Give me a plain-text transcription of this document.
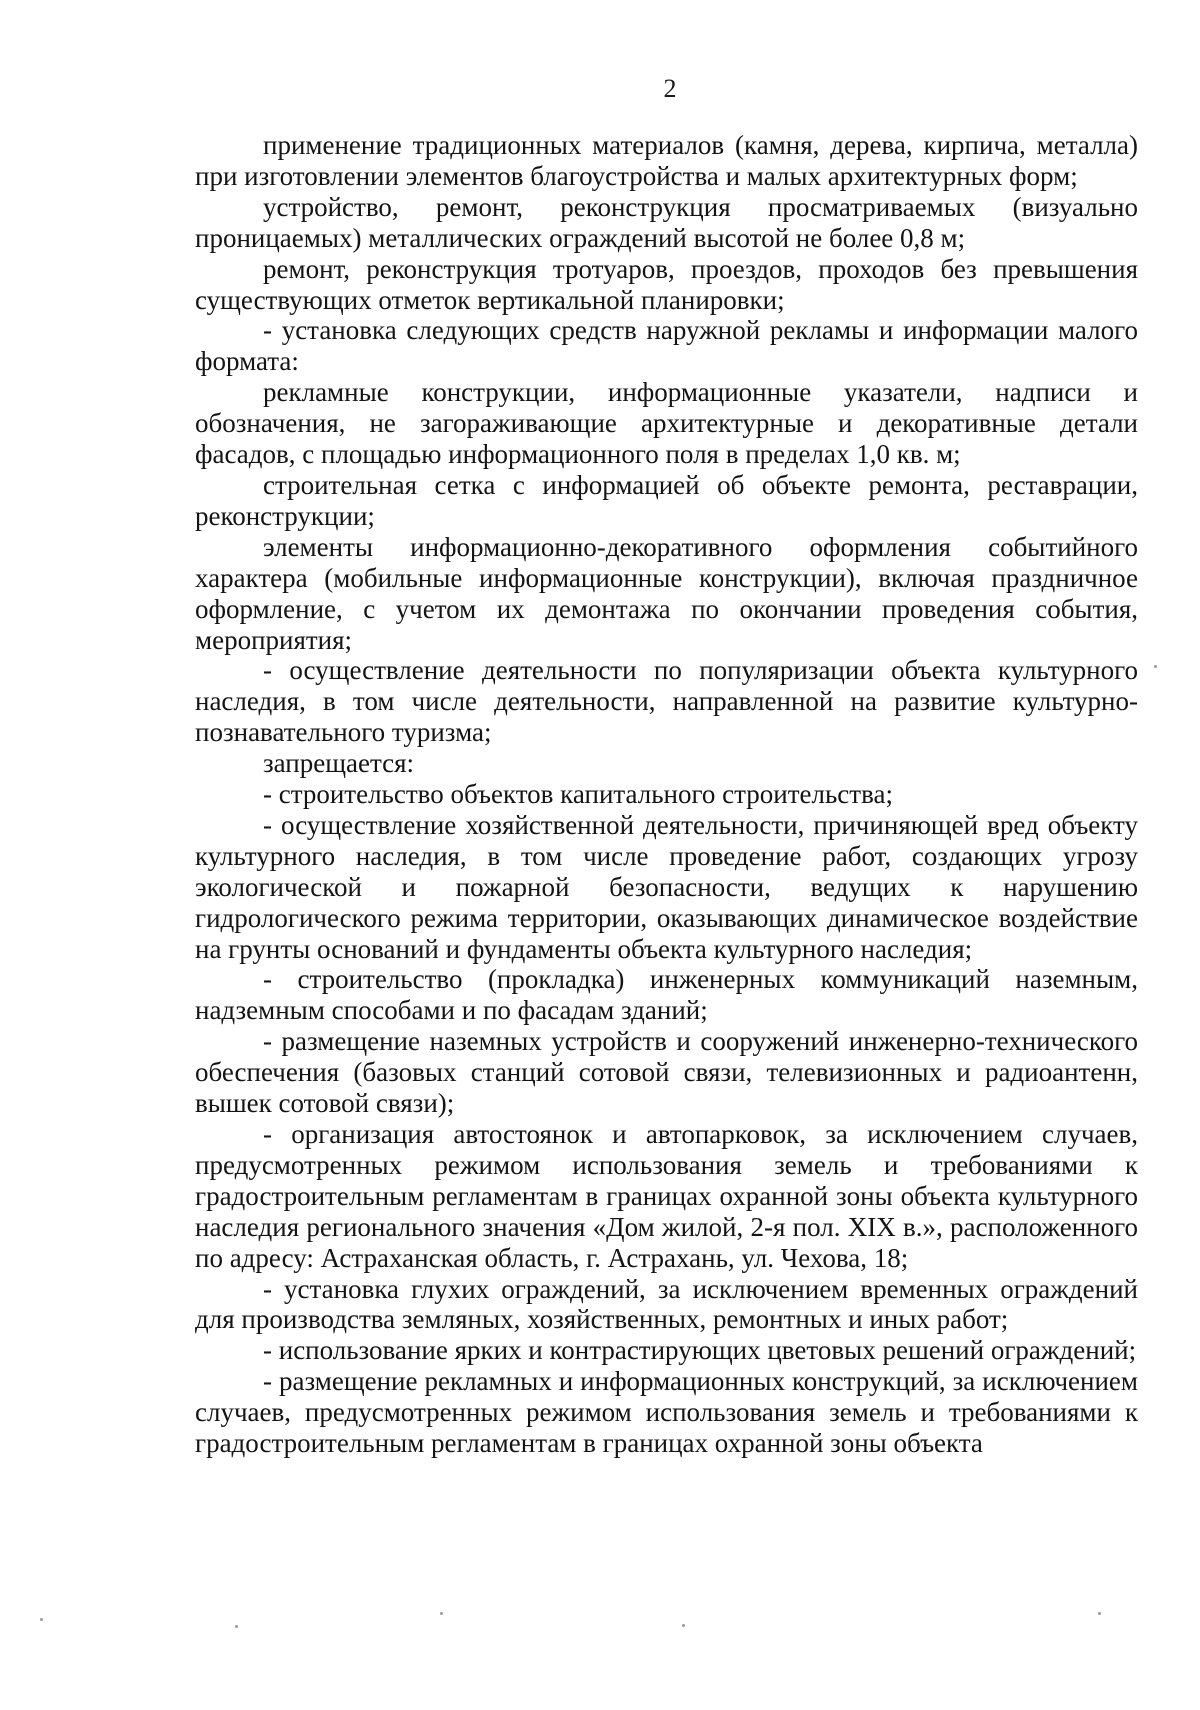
2

применение традиционных материалов (камня, дерева, кирпича, металла) при изготовлении элементов благоустройства и малых архитектурных форм;

устройство, ремонт, реконструкция просматриваемых (визуально проницаемых) металлических ограждений высотой не более 0,8 м;

ремонт, реконструкция тротуаров, проездов, проходов без превышения существующих отметок вертикальной планировки;

- установка следующих средств наружной рекламы и информации малого формата:

рекламные конструкции, информационные указатели, надписи и обозначения, не загораживающие архитектурные и декоративные детали фасадов, с площадью информационного поля в пределах 1,0 кв. м;

строительная сетка с информацией об объекте ремонта, реставрации, реконструкции;

элементы информационно-декоративного оформления событийного характера (мобильные информационные конструкции), включая праздничное оформление, с учетом их демонтажа по окончании проведения события, мероприятия;

- осуществление деятельности по популяризации объекта культурного наследия, в том числе деятельности, направленной на развитие культурно-познавательного туризма;

запрещается:

- строительство объектов капитального строительства;

- осуществление хозяйственной деятельности, причиняющей вред объекту культурного наследия, в том числе проведение работ, создающих угрозу экологической и пожарной безопасности, ведущих к нарушению гидрологического режима территории, оказывающих динамическое воздействие на грунты оснований и фундаменты объекта культурного наследия;

- строительство (прокладка) инженерных коммуникаций наземным, надземным способами и по фасадам зданий;

- размещение наземных устройств и сооружений инженерно-технического обеспечения (базовых станций сотовой связи, телевизионных и радиоантенн, вышек сотовой связи);

- организация автостоянок и автопарковок, за исключением случаев, предусмотренных режимом использования земель и требованиями к градостроительным регламентам в границах охранной зоны объекта культурного наследия регионального значения «Дом жилой, 2-я пол. XIX в.», расположенного по адресу: Астраханская область, г. Астрахань, ул. Чехова, 18;

- установка глухих ограждений, за исключением временных ограждений для производства земляных, хозяйственных, ремонтных и иных работ;

- использование ярких и контрастирующих цветовых решений ограждений;

- размещение рекламных и информационных конструкций, за исключением случаев, предусмотренных режимом использования земель и требованиями к градостроительным регламентам в границах охранной зоны объекта
